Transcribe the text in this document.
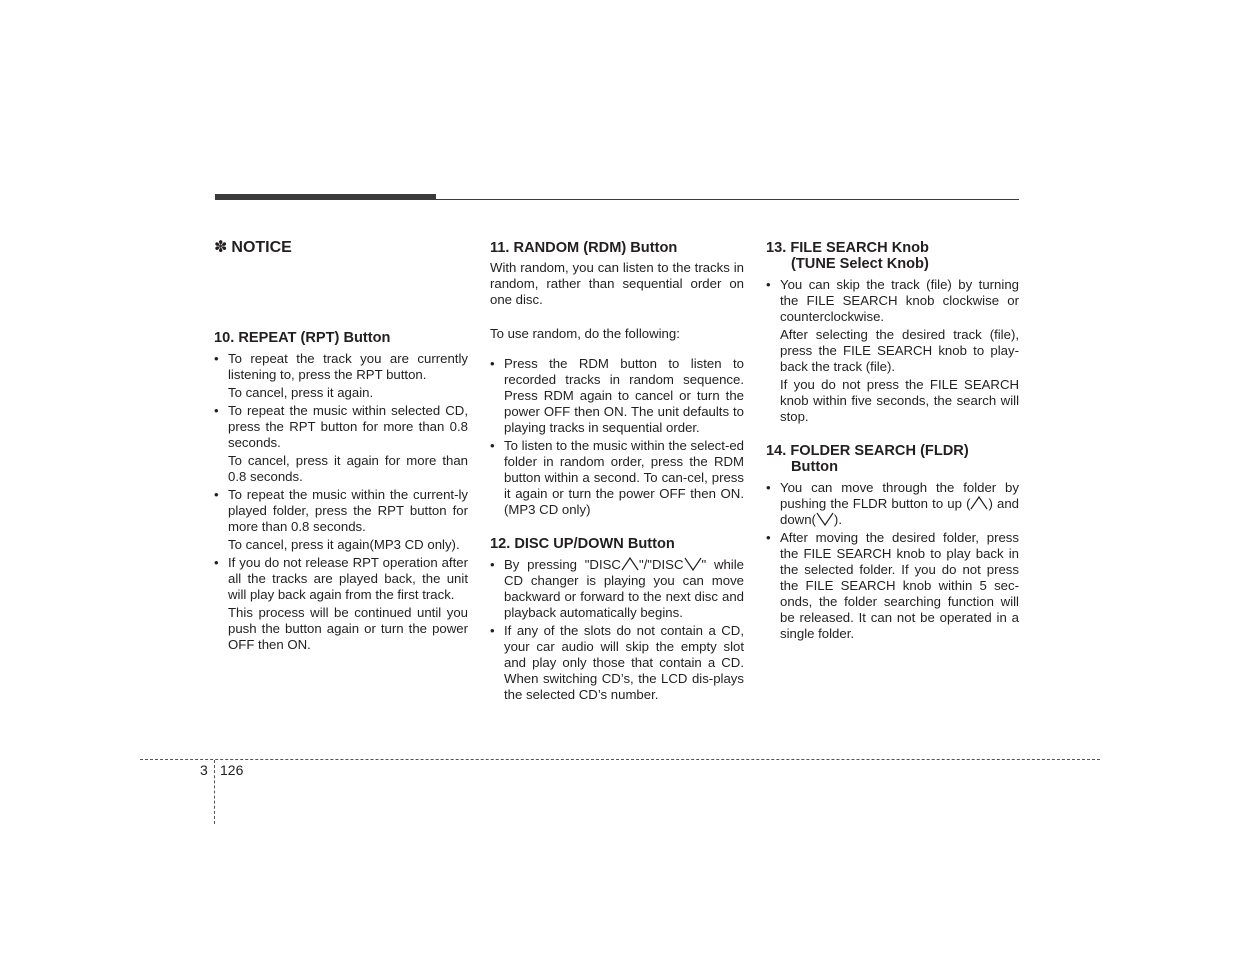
✽ NOTICE
10. REPEAT (RPT) Button
• To repeat the track you are currently listening to, press the RPT button.

To cancel, press it again.

• To repeat the music within selected CD, press the RPT button for more than 0.8 seconds.

To cancel, press it again for more than 0.8 seconds.

• To repeat the music within the current-ly played folder, press the RPT button for more than 0.8 seconds.

To cancel, press it again(MP3 CD only).

• If you do not release RPT operation after all the tracks are played back, the unit will play back again from the first track.

This process will be continued until you push the button again or turn the power OFF then ON.

11. RANDOM (RDM) Button

With random, you can listen to the tracks in random, rather than sequential order on one disc.

To use random, do the following:

• Press the RDM button to listen to recorded tracks in random sequence. Press RDM again to cancel or turn the power OFF then ON. The unit defaults to playing tracks in sequential order.
• To listen to the music within the select-ed folder in random order, press the RDM button within a second. To can-cel, press it again or turn the power OFF then ON. (MP3 CD only)
12. DISC UP/DOWN Button
• By pressing "DISC "/"DISC " while CD changer is playing you can move backward or forward to the next disc and playback automatically begins.
• If any of the slots do not contain a CD, your car audio will skip the empty slot and play only those that contain a CD. When switching CD’s, the LCD dis-plays the selected CD’s number.
13. FILE SEARCH Knob
(TUNE Select Knob)
• You can skip the track (file) by turning the FILE SEARCH knob clockwise or counterclockwise.

After selecting the desired track (file), press the FILE SEARCH knob to play-back the track (file).

If you do not press the FILE SEARCH knob within five seconds, the search will stop.

14. FOLDER SEARCH (FLDR)
Button
• You can move through the folder by pushing the FLDR button to up ( ) and down( ).
• After moving the desired folder, press the FILE SEARCH knob to play back in the selected folder. If you do not press the FILE SEARCH knob within 5 sec-onds, the folder searching function will be released. It can not be operated in a single folder.
3 126
